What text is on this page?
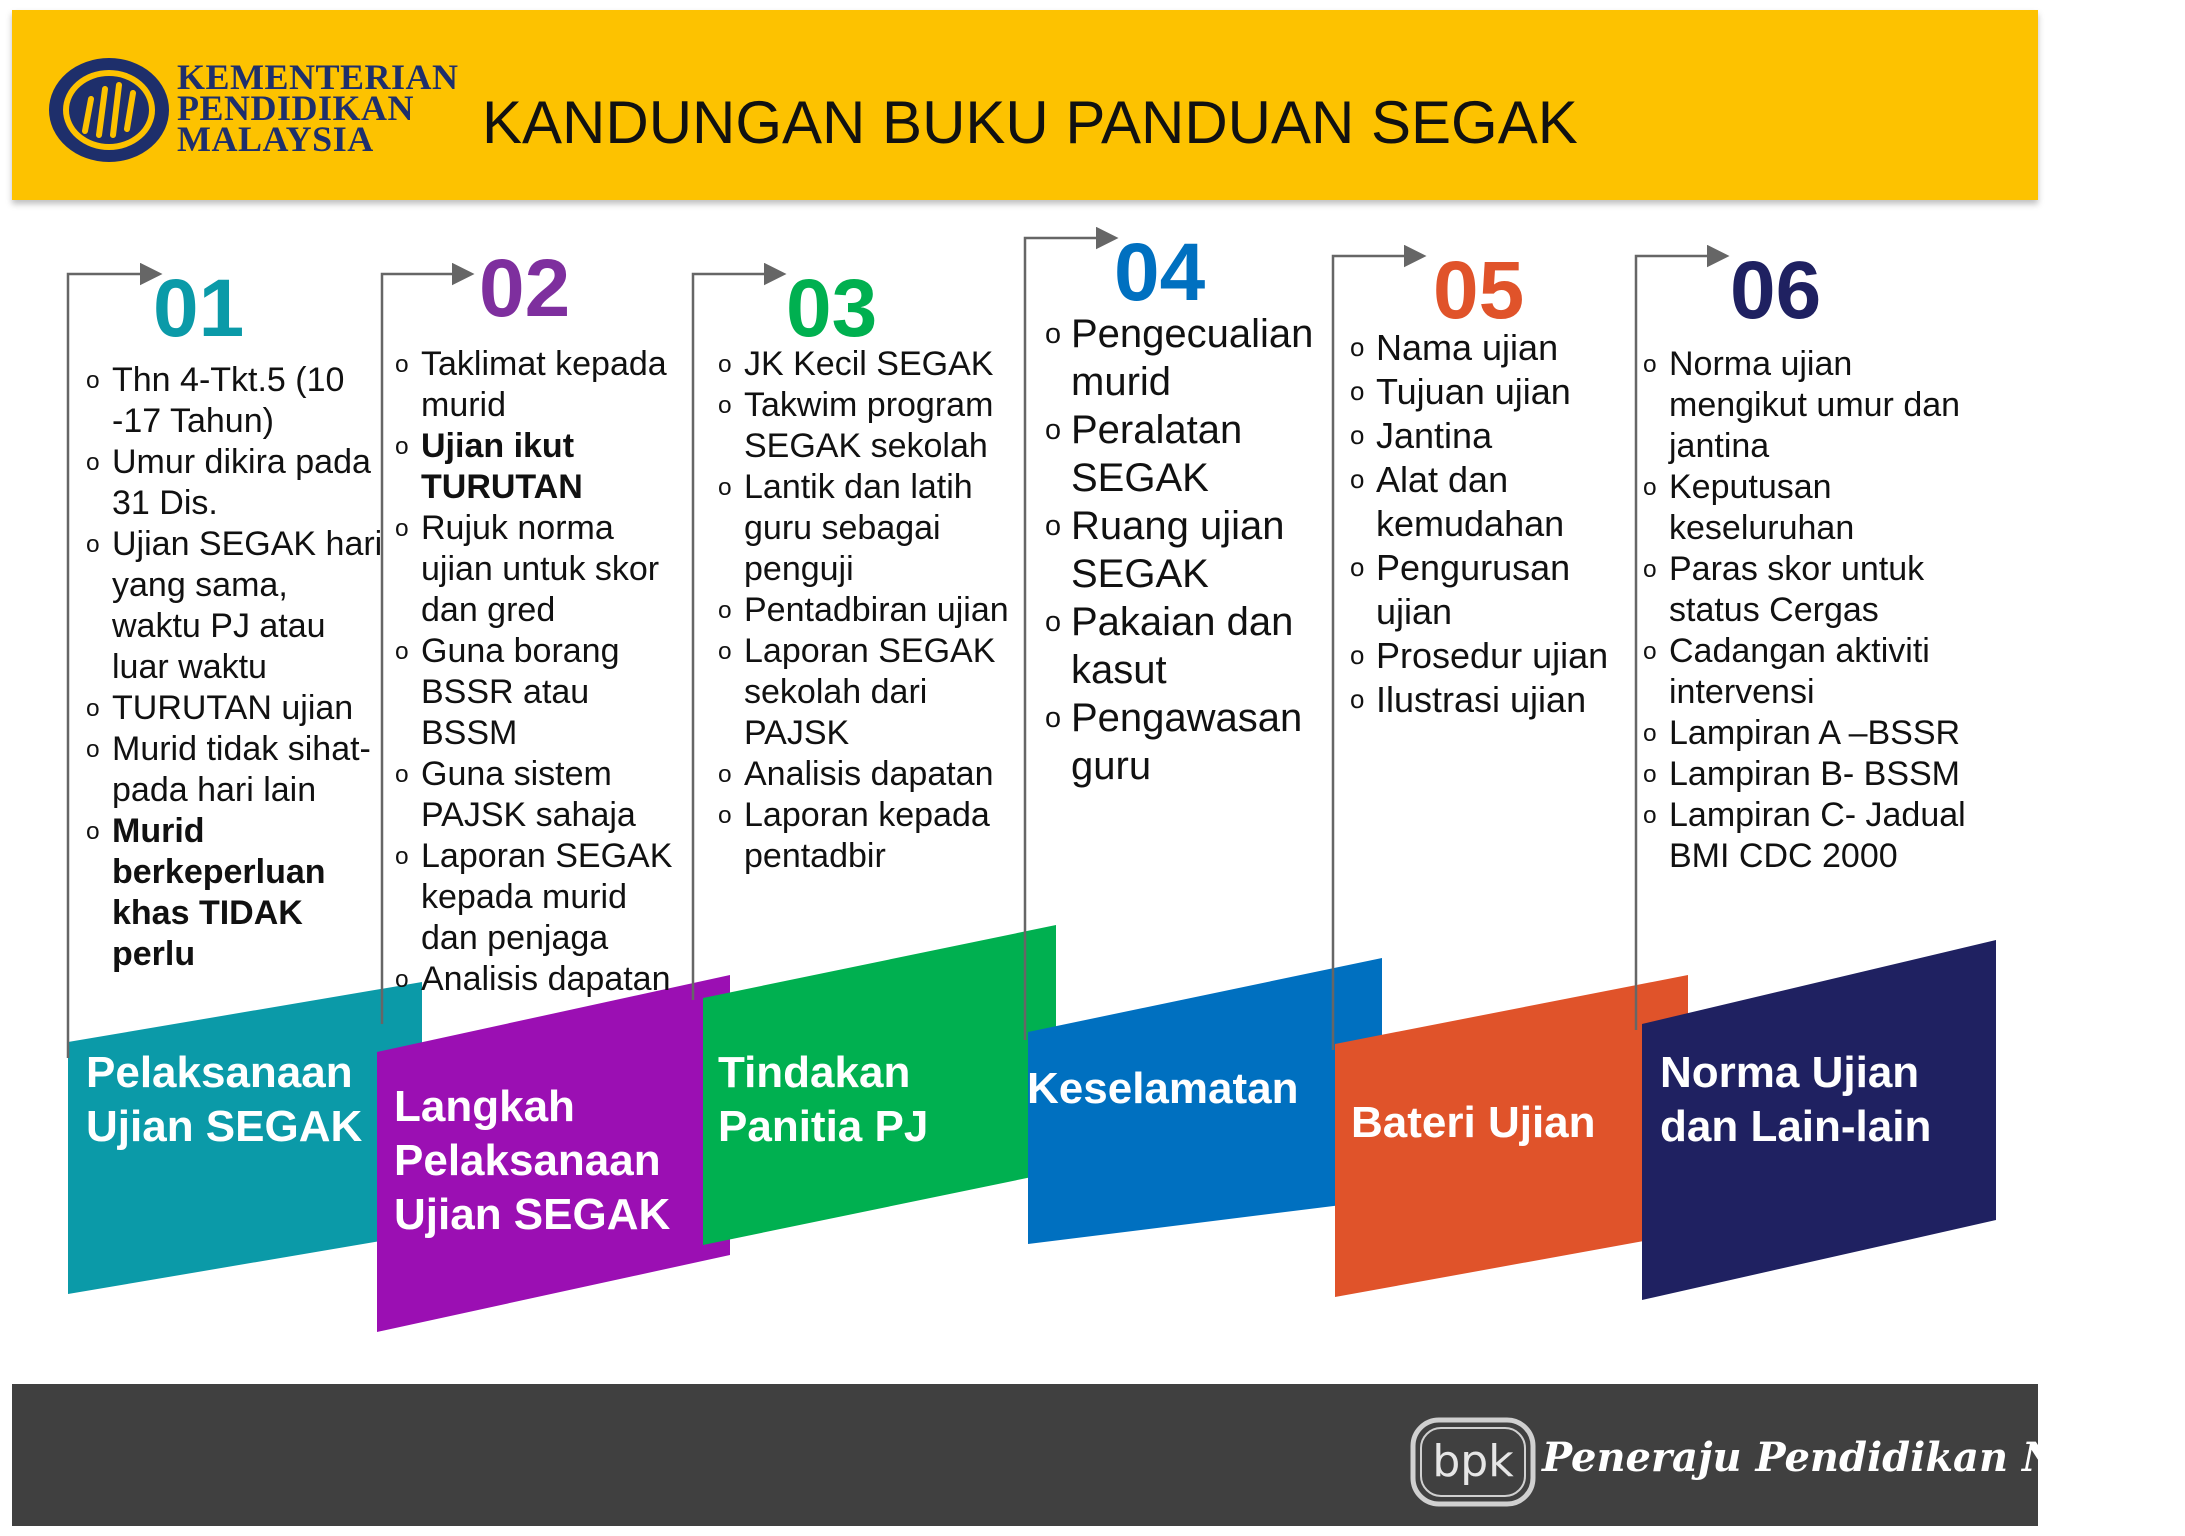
KEMENTERIAN
PENDIDIKAN
MALAYSIA	KANDUNGAN BUKU PANDUAN SEGAK
01
o Thn 4-Tkt.5 (10 -17 Tahun)
o Umur dikira pada 31 Dis.
o Ujian SEGAK hari yang sama, waktu PJ atau luar waktu
o TURUTAN ujian
o Murid tidak sihat- pada hari lain
o Murid berkeperluan khas TIDAK perlu
Pelaksanaan
Ujian SEGAK
02
o Taklimat kepada murid
o Ujian ikut TURUTAN
o Rujuk norma ujian untuk skor dan gred
o Guna borang BSSR atau BSSM
o Guna sistem PAJSK sahaja
o Laporan SEGAK kepada murid dan penjaga
o Analisis dapatan
Langkah
Pelaksanaan
Ujian SEGAK
03
o JK Kecil SEGAK
o Takwim program SEGAK sekolah
o Lantik dan latih guru sebagai penguji
o Pentadbiran ujian
o Laporan SEGAK sekolah dari PAJSK
o Analisis dapatan
o Laporan kepada pentadbir
Tindakan
Panitia PJ
04
o Pengecualian murid
o Peralatan SEGAK
o Ruang ujian SEGAK
o Pakaian dan kasut
o Pengawasan guru
Keselamatan
05
o Nama ujian
o Tujuan ujian
o Jantina
o Alat dan kemudahan
o Pengurusan ujian
o Prosedur ujian
o Ilustrasi ujian
Bateri Ujian
06
o Norma ujian mengikut umur dan jantina
o Keputusan keseluruhan
o Paras skor untuk status Cergas
o Cadangan aktiviti intervensi
o Lampiran A –BSSR
o Lampiran B- BSSM
o Lampiran C- Jadual BMI CDC 2000
Norma Ujian
dan Lain-lain
bpk Peneraju Pendidikan Negara
